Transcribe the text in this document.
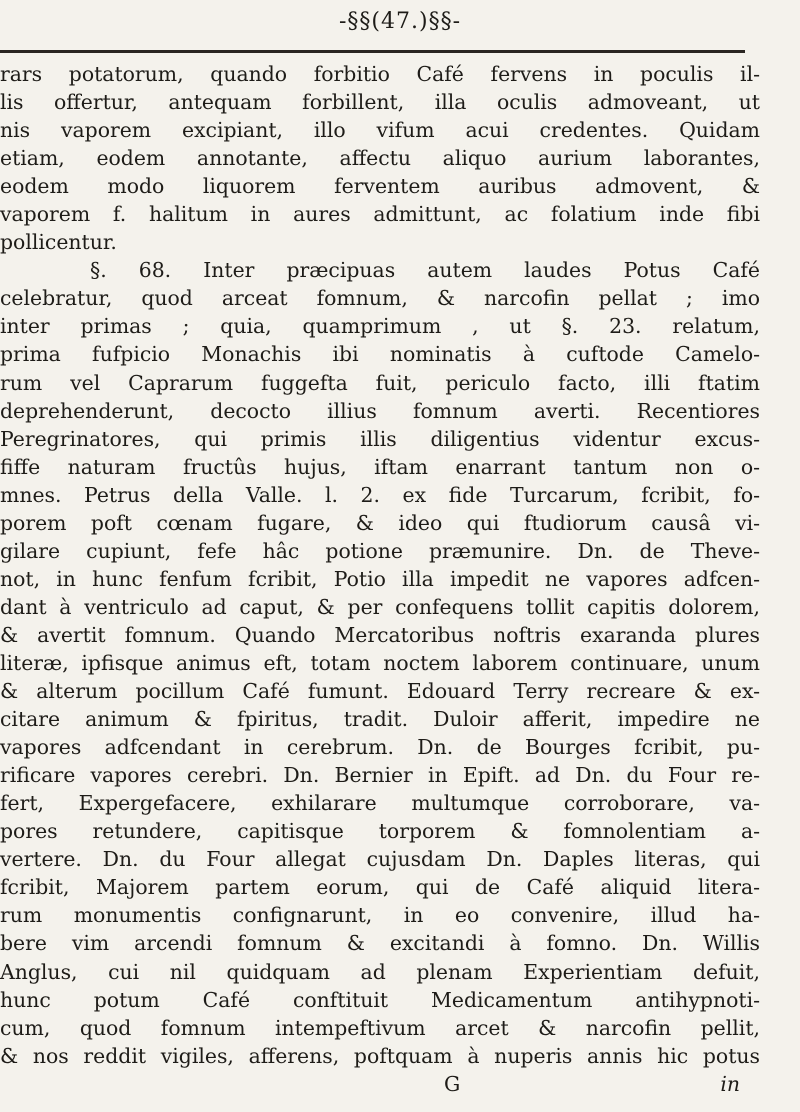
-§§(47.)§§-
rars potatorum, quando forbitio Café fervens in poculis il-
lis offertur, antequam forbillent, illa oculis admoveant, ut
nis vaporem excipiant, illo vifum acui credentes. Quidam
etiam, eodem annotante, affectu aliquo aurium laborantes,
eodem modo liquorem ferventem auribus admovent, &
vaporem f. halitum in aures admittunt, ac folatium inde fibi
pollicentur.
§. 68. Inter præcipuas autem laudes Potus Café
celebratur, quod arceat fomnum, & narcofin pellat ; imo
inter primas ; quia, quamprimum , ut §. 23. relatum,
prima fufpicio Monachis ibi nominatis à cuftode Camelo-
rum vel Caprarum fuggefta fuit, periculo facto, illi ftatim
deprehenderunt, decocto illius fomnum averti. Recentiores
Peregrinatores, qui primis illis diligentius videntur excus-
fiffe naturam fructûs hujus, iftam enarrant tantum non o-
mnes. Petrus della Valle. l. 2. ex fide Turcarum, fcribit, fo-
porem poft cœnam fugare, & ideo qui ftudiorum causâ vi-
gilare cupiunt, fefe hâc potione præmunire. Dn. de Theve-
not, in hunc fenfum fcribit, Potio illa impedit ne vapores adfcen-
dant à ventriculo ad caput, & per confequens tollit capitis dolorem,
& avertit fomnum. Quando Mercatoribus noftris exaranda plures
literæ, ipfisque animus eft, totam noctem laborem continuare, unum
& alterum pocillum Café fumunt. Edouard Terry recreare & ex-
citare animum & fpiritus, tradit. Duloir afferit, impedire ne
vapores adfcendant in cerebrum. Dn. de Bourges fcribit, pu-
rificare vapores cerebri. Dn. Bernier in Epift. ad Dn. du Four re-
fert, Expergefacere, exhilarare multumque corroborare, va-
pores retundere, capitisque torporem & fomnolentiam a-
vertere. Dn. du Four allegat cujusdam Dn. Daples literas, qui
fcribit, Majorem partem eorum, qui de Café aliquid litera-
rum monumentis confignarunt, in eo convenire, illud ha-
bere vim arcendi fomnum & excitandi à fomno. Dn. Willis
Anglus, cui nil quidquam ad plenam Experientiam defuit,
hunc potum Café conftituit Medicamentum antihypnoti-
cum, quod fomnum intempeftivum arcet & narcofin pellit,
& nos reddit vigiles, afferens, poftquam à nuperis annis hic potus
G	in
